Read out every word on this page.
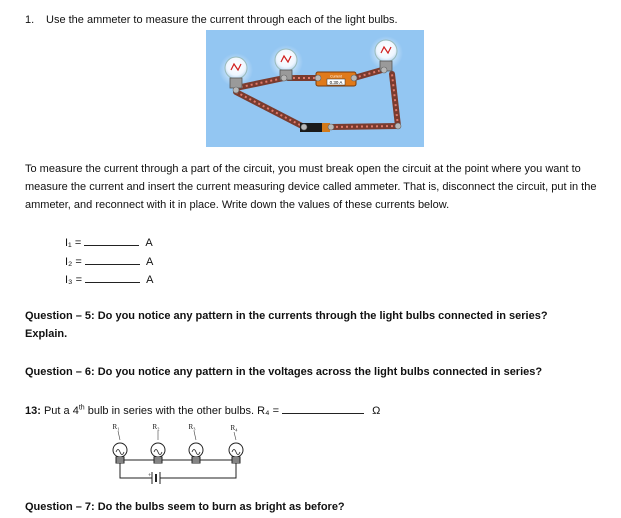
1. Use the ammeter to measure the current through each of the light bulbs.
Current
0.30 A
To measure the current through a part of the circuit, you must break open the circuit at the point where you want to measure the current and insert the current measuring device called ammeter. That is, disconnect the circuit, put in the ammeter, and reconnect with it in place. Write down the values of these currents below.
I₁ =	A
I₂ =	A
I₃ =	A
Question – 5: Do you notice any pattern in the currents through the light bulbs connected in series?
Explain.
Question – 6: Do you notice any pattern in the voltages across the light bulbs connected in series?
13: Put a 4th bulb in series with the other bulbs. R₄ =	Ω
R₁	R₂	R₃	R₄
+
Question – 7: Do the bulbs seem to burn as bright as before?
